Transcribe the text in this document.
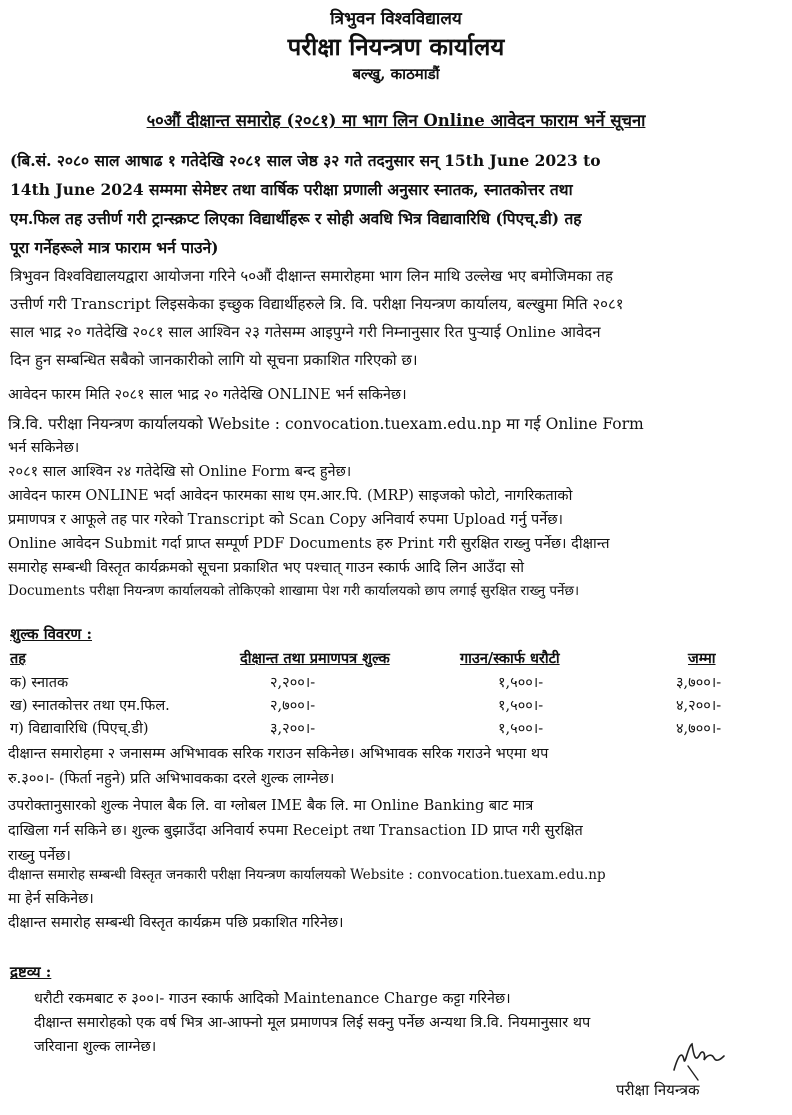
त्रिभुवन विश्वविद्यालय
परीक्षा नियन्त्रण कार्यालय
बल्खु, काठमाडौं
५०औं दीक्षान्त समारोह (२०८१) मा भाग लिन Online आवेदन फाराम भर्ने सूचना
(बि.सं. २०८० साल आषाढ १ गतेदेखि २०८१ साल जेष्ठ ३२ गते तदनुसार सन् 15th June 2023 to
14th June 2024 सम्ममा सेमेष्टर तथा वार्षिक परीक्षा प्रणाली अनुसार स्नातक, स्नातकोत्तर तथा
एम.फिल तह उत्तीर्ण गरी ट्रान्स्क्रप्ट लिएका विद्यार्थीहरू र सोही अवधि भित्र विद्यावारिधि (पिएच्.डी) तह
पूरा गर्नेहरूले मात्र फाराम भर्न पाउने)
त्रिभुवन विश्वविद्यालयद्वारा आयोजना गरिने ५०औं दीक्षान्त समारोहमा भाग लिन माथि उल्लेख भए बमोजिमका तह
उत्तीर्ण गरी Transcript लिइसकेका इच्छुक विद्यार्थीहरुले त्रि. वि. परीक्षा नियन्त्रण कार्यालय, बल्खुमा मिति २०८१
साल भाद्र २० गतेदेखि २०८१ साल आश्विन २३ गतेसम्म आइपुग्ने गरी निम्नानुसार रित पुऱ्याई Online आवेदन
दिन हुन सम्बन्धित सबैको जानकारीको लागि यो सूचना प्रकाशित गरिएको छ।
आवेदन फारम मिति २०८१ साल भाद्र २० गतेदेखि ONLINE भर्न सकिनेछ।
त्रि.वि. परीक्षा नियन्त्रण कार्यालयको Website : convocation.tuexam.edu.np मा गई Online Form
भर्न सकिनेछ।
२०८१ साल आश्विन २४ गतेदेखि सो Online Form बन्द हुनेछ।
आवेदन फारम ONLINE भर्दा आवेदन फारमका साथ एम.आर.पि. (MRP) साइजको फोटो, नागरिकताको
प्रमाणपत्र र आफूले तह पार गरेको Transcript को Scan Copy अनिवार्य रुपमा Upload गर्नु पर्नेछ।
Online आवेदन Submit गर्दा प्राप्त सम्पूर्ण PDF Documents हरु Print गरी सुरक्षित राख्नु पर्नेछ। दीक्षान्त
समारोह सम्बन्धी विस्तृत कार्यक्रमको सूचना प्रकाशित भए पश्चात् गाउन स्कार्फ आदि लिन आउँदा सो
Documents परीक्षा नियन्त्रण कार्यालयको तोकिएको शाखामा पेश गरी कार्यालयको छाप लगाई सुरक्षित राख्नु पर्नेछ।
शुल्क विवरण :
तह	दीक्षान्त तथा प्रमाणपत्र शुल्क	गाउन/स्कार्फ धरौटी	जम्मा
क) स्नातक	२,२००।-	१,५००।-	३,७००।-
ख) स्नातकोत्तर तथा एम.फिल.	२,७००।-	१,५००।-	४,२००।-
ग) विद्यावारिधि (पिएच्.डी)	३,२००।-	१,५००।-	४,७००।-
दीक्षान्त समारोहमा २ जनासम्म अभिभावक सरिक गराउन सकिनेछ। अभिभावक सरिक गराउने भएमा थप
रु.३००।- (फिर्ता नहुने) प्रति अभिभावकका दरले शुल्क लाग्नेछ।
उपरोक्तानुसारको शुल्क नेपाल बैक लि. वा ग्लोबल IME बैक लि. मा Online Banking बाट मात्र
दाखिला गर्न सकिने छ। शुल्क बुझाउँदा अनिवार्य रुपमा Receipt तथा Transaction ID प्राप्त गरी सुरक्षित
राख्नु पर्नेछ।
दीक्षान्त समारोह सम्बन्धी विस्तृत जनकारी परीक्षा नियन्त्रण कार्यालयको Website : convocation.tuexam.edu.np
मा हेर्न सकिनेछ।
दीक्षान्त समारोह सम्बन्धी विस्तृत कार्यक्रम पछि प्रकाशित गरिनेछ।
द्रष्टव्य :
धरौटी रकमबाट रु ३००।- गाउन स्कार्फ आदिको Maintenance Charge कट्टा गरिनेछ।
दीक्षान्त समारोहको एक वर्ष भित्र आ-आफ्नो मूल प्रमाणपत्र लिई सक्नु पर्नेछ अन्यथा त्रि.वि. नियमानुसार थप
जरिवाना शुल्क लाग्नेछ।
परीक्षा नियन्त्रक
